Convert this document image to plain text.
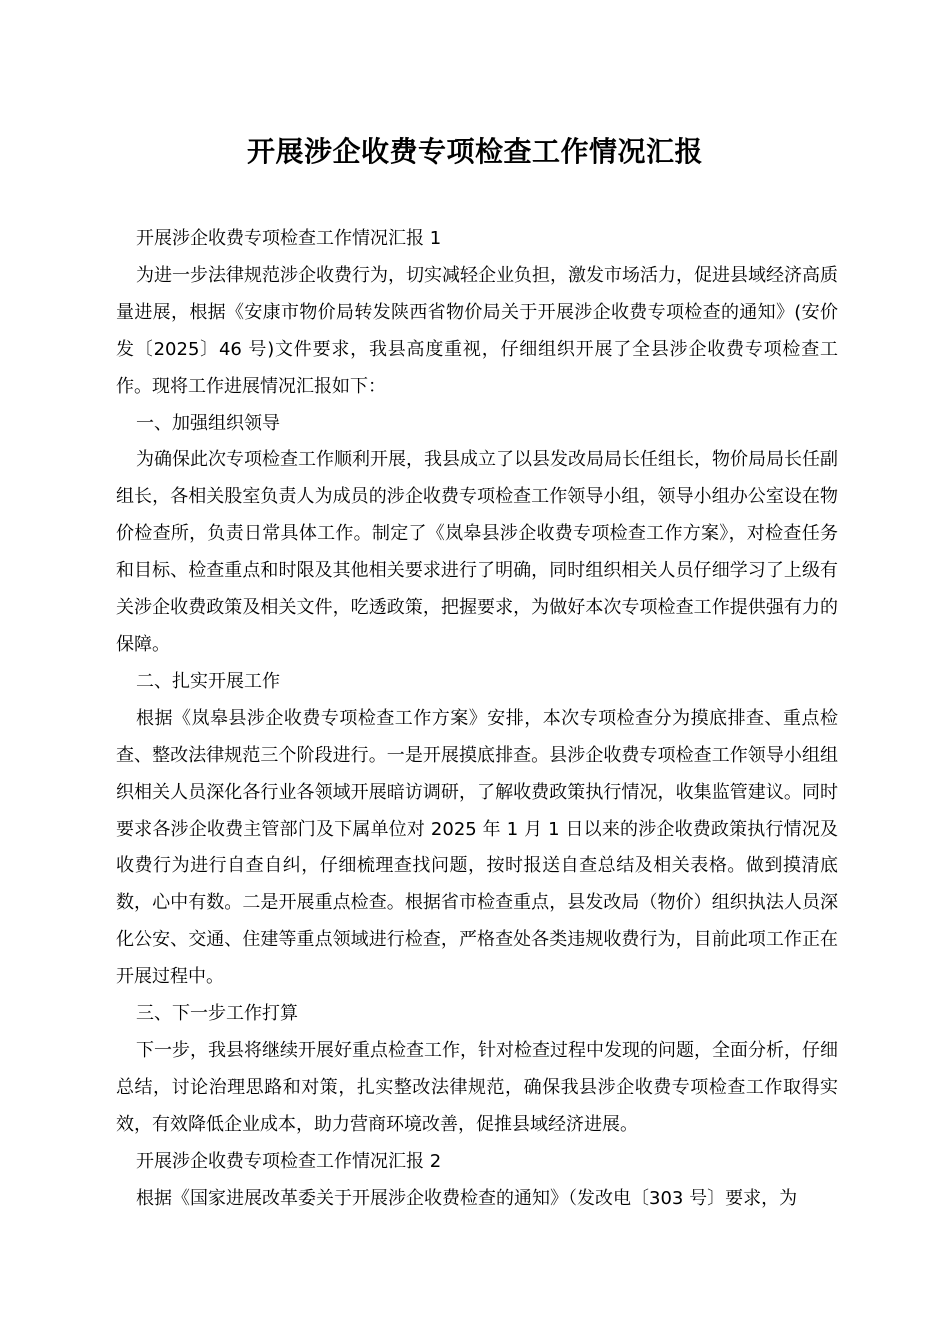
开展涉企收费专项检查工作情况汇报

开展涉企收费专项检查工作情况汇报 1

为进一步法律规范涉企收费行为，切实减轻企业负担，激发市场活力，促进县域经济高质量进展，根据《安康市物价局转发陕西省物价局关于开展涉企收费专项检查的通知》(安价发〔2025〕46 号)文件要求，我县高度重视，仔细组织开展了全县涉企收费专项检查工作。现将工作进展情况汇报如下：

一、加强组织领导

为确保此次专项检查工作顺利开展，我县成立了以县发改局局长任组长，物价局局长任副组长，各相关股室负责人为成员的涉企收费专项检查工作领导小组，领导小组办公室设在物价检查所，负责日常具体工作。制定了《岚皋县涉企收费专项检查工作方案》，对检查任务和目标、检查重点和时限及其他相关要求进行了明确，同时组织相关人员仔细学习了上级有关涉企收费政策及相关文件，吃透政策，把握要求，为做好本次专项检查工作提供强有力的保障。

二、扎实开展工作

根据《岚皋县涉企收费专项检查工作方案》安排，本次专项检查分为摸底排查、重点检查、整改法律规范三个阶段进行。一是开展摸底排查。县涉企收费专项检查工作领导小组组织相关人员深化各行业各领域开展暗访调研，了解收费政策执行情况，收集监管建议。同时要求各涉企收费主管部门及下属单位对 2025 年 1 月 1 日以来的涉企收费政策执行情况及收费行为进行自查自纠，仔细梳理查找问题，按时报送自查总结及相关表格。做到摸清底数，心中有数。二是开展重点检查。根据省市检查重点，县发改局（物价）组织执法人员深化公安、交通、住建等重点领域进行检查，严格查处各类违规收费行为，目前此项工作正在开展过程中。

三、下一步工作打算

下一步，我县将继续开展好重点检查工作，针对检查过程中发现的问题，全面分析，仔细总结，讨论治理思路和对策，扎实整改法律规范，确保我县涉企收费专项检查工作取得实效，有效降低企业成本，助力营商环境改善，促推县域经济进展。

开展涉企收费专项检查工作情况汇报 2

根据《国家进展改革委关于开展涉企收费检查的通知》（发改电〔303 号〕要求，为
